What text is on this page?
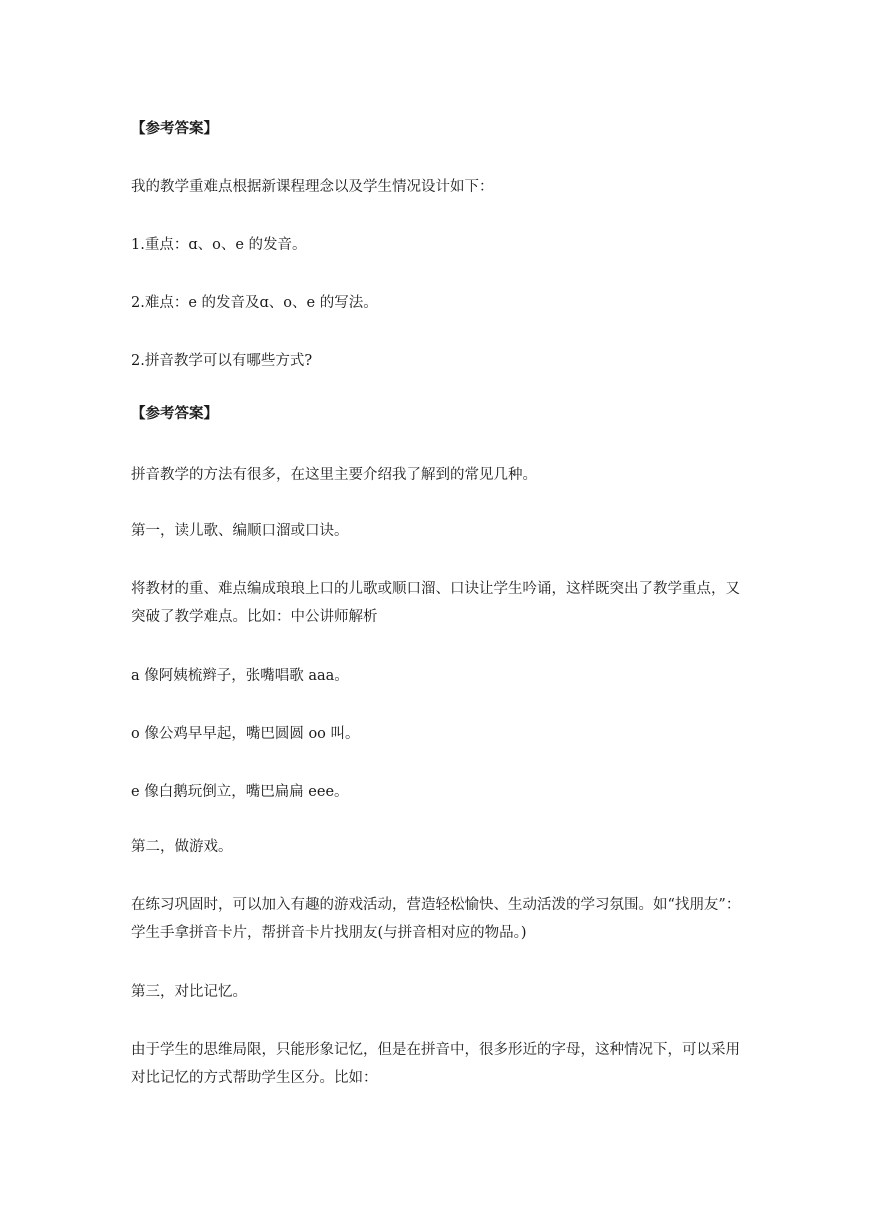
【参考答案】

我的教学重难点根据新课程理念以及学生情况设计如下：

1.重点：ɑ、o、e 的发音。

2.难点：e 的发音及ɑ、o、e 的写法。

2.拼音教学可以有哪些方式?

【参考答案】

拼音教学的方法有很多，在这里主要介绍我了解到的常见几种。

第一，读儿歌、编顺口溜或口诀。

将教材的重、难点编成琅琅上口的儿歌或顺口溜、口诀让学生吟诵，这样既突出了教学重点，又突破了教学难点。比如：中公讲师解析

a 像阿姨梳辫子，张嘴唱歌 aaa。

o 像公鸡早早起，嘴巴圆圆 oo 叫。

e 像白鹅玩倒立，嘴巴扁扁 eee。

第二，做游戏。

在练习巩固时，可以加入有趣的游戏活动，营造轻松愉快、生动活泼的学习氛围。如“找朋友”：学生手拿拼音卡片，帮拼音卡片找朋友(与拼音相对应的物品。)

第三，对比记忆。

由于学生的思维局限，只能形象记忆，但是在拼音中，很多形近的字母，这种情况下，可以采用对比记忆的方式帮助学生区分。比如：
